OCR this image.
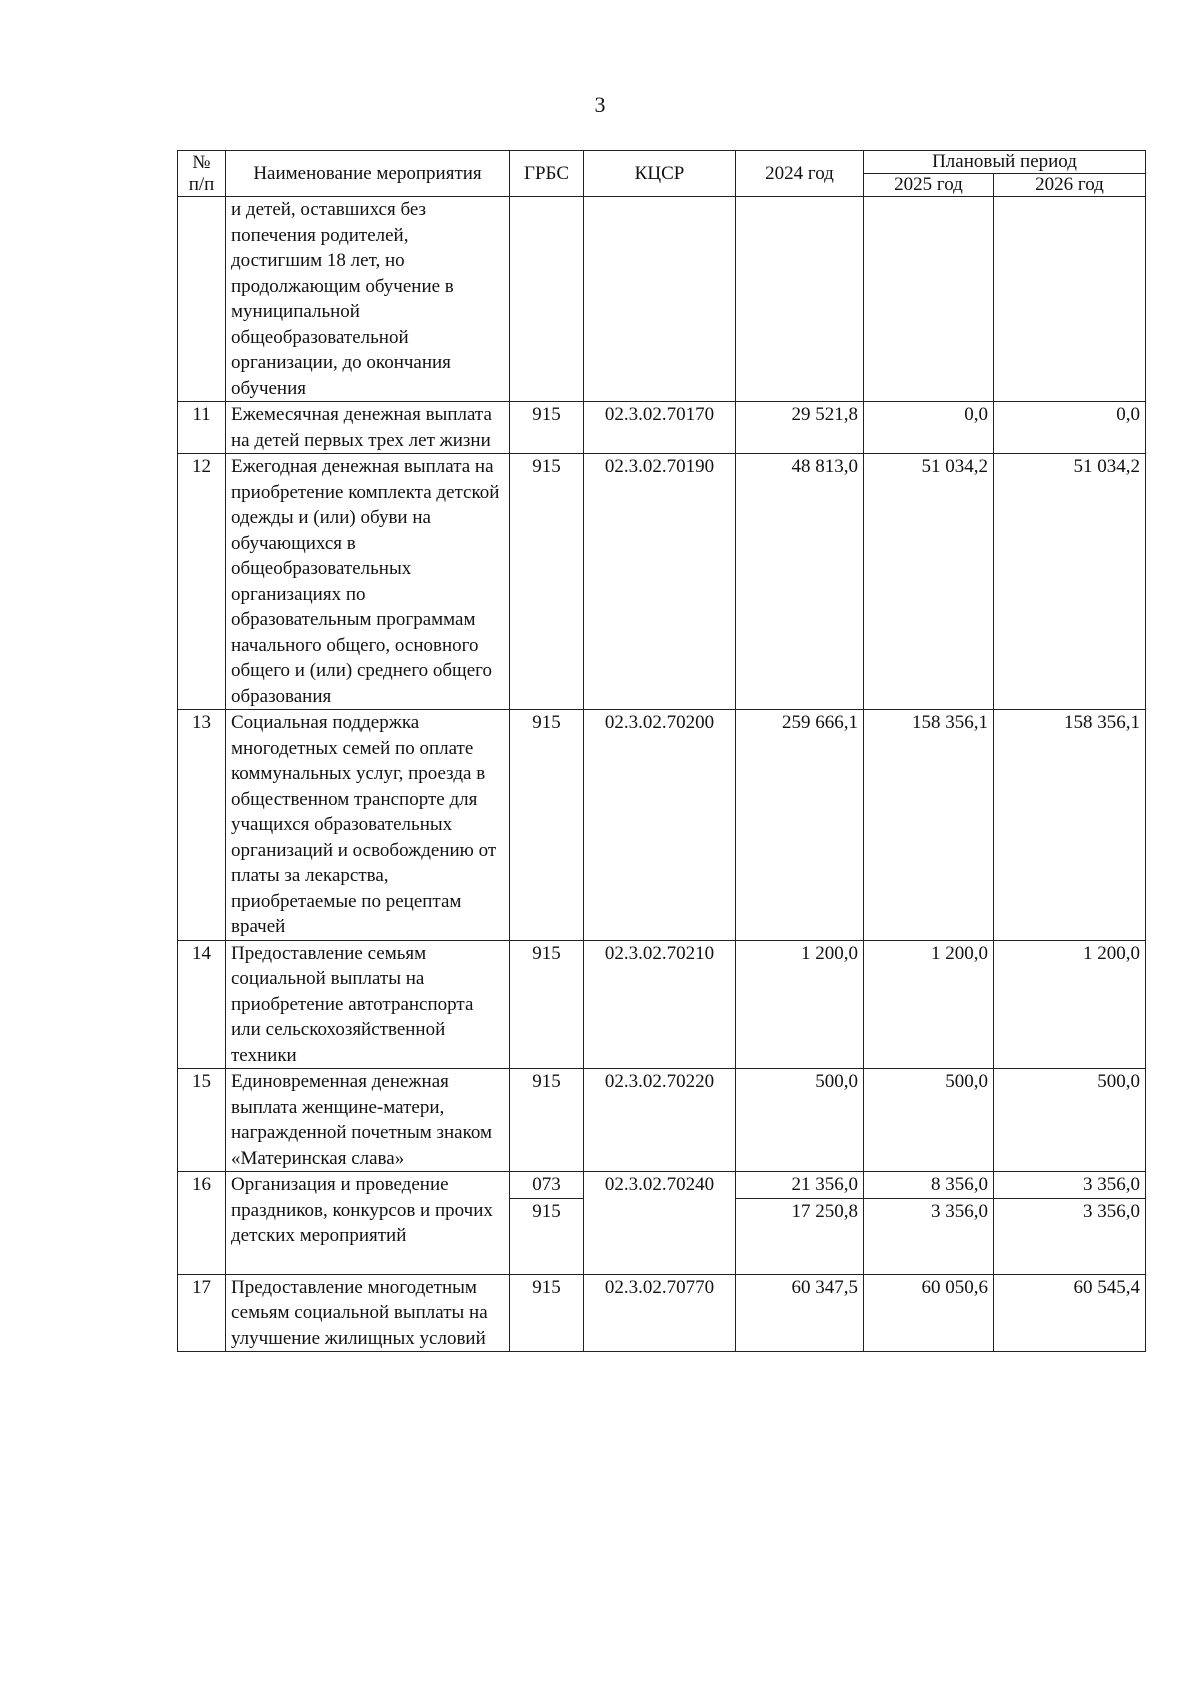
3
№ п/п	Наименование мероприятия	ГРБС	КЦСР	2024 год	Плановый период	
					2025 год	2026 год
	и детей, оставшихся без попечения родителей, достигшим 18 лет, но продолжающим обучение в муниципальной общеобразовательной организации, до окончания обучения					
11	Ежемесячная денежная выплата на детей первых трех лет жизни	915	02.3.02.70170	29 521,8	0,0	0,0
12	Ежегодная денежная выплата на приобретение комплекта детской одежды и (или) обуви на обучающихся в общеобразовательных организациях по образовательным программам начального общего, основного общего и (или) среднего общего образования	915	02.3.02.70190	48 813,0	51 034,2	51 034,2
13	Социальная поддержка многодетных семей по оплате коммунальных услуг, проезда в общественном транспорте для учащихся образовательных организаций и освобождению от платы за лекарства, приобретаемые по рецептам врачей	915	02.3.02.70200	259 666,1	158 356,1	158 356,1
14	Предоставление семьям социальной выплаты на приобретение автотранспорта или сельскохозяйственной техники	915	02.3.02.70210	1 200,0	1 200,0	1 200,0
15	Единовременная денежная выплата женщине-матери, награжденной почетным знаком «Материнская слава»	915	02.3.02.70220	500,0	500,0	500,0
16	Организация и проведение праздников, конкурсов и прочих детских мероприятий	073	02.3.02.70240	21 356,0	8 356,0	3 356,0
		915		17 250,8	3 356,0	3 356,0
17	Предоставление многодетным семьям социальной выплаты на улучшение жилищных условий	915	02.3.02.70770	60 347,5	60 050,6	60 545,4
